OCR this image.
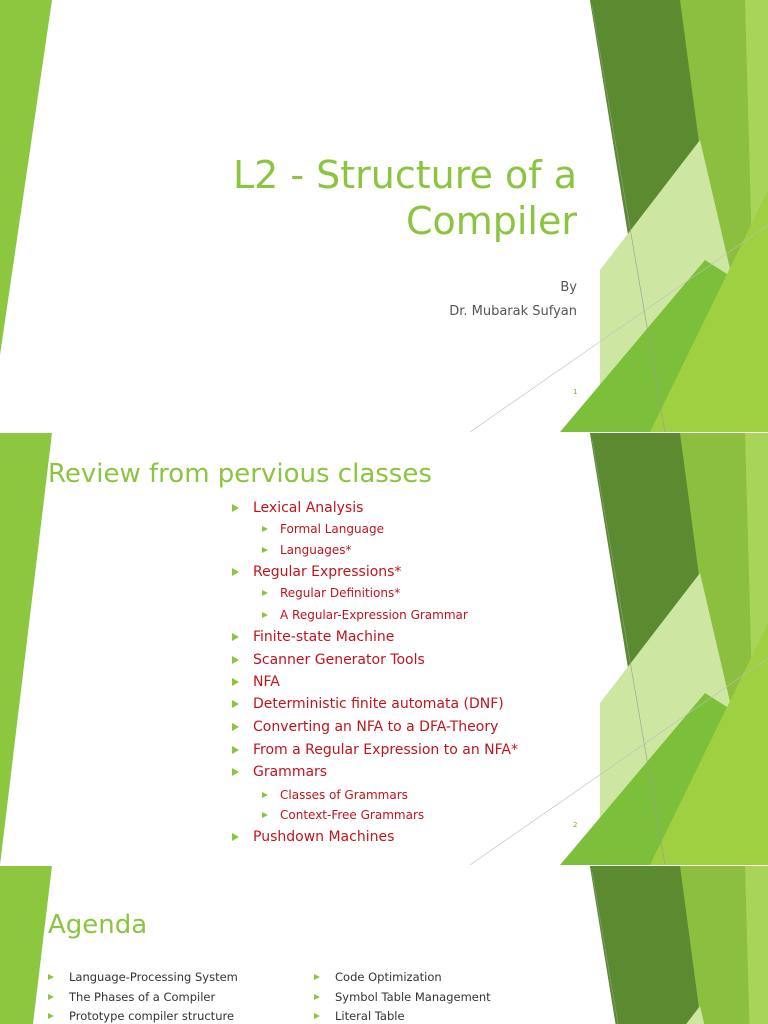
L2 - Structure of a Compiler
By
Dr. Mubarak Sufyan
1
Review from pervious classes
Lexical Analysis
Formal Language
Languages*
Regular Expressions*
Regular Definitions*
A Regular-Expression Grammar
Finite-state Machine
Scanner Generator Tools
NFA
Deterministic finite automata (DNF)
Converting an NFA to a DFA-Theory
From a Regular Expression to an NFA*
Grammars
Classes of Grammars
Context-Free Grammars
Pushdown Machines
2
Agenda
Language-Processing System
The Phases of a Compiler
Prototype compiler structure
Code Optimization
Symbol Table Management
Literal Table
